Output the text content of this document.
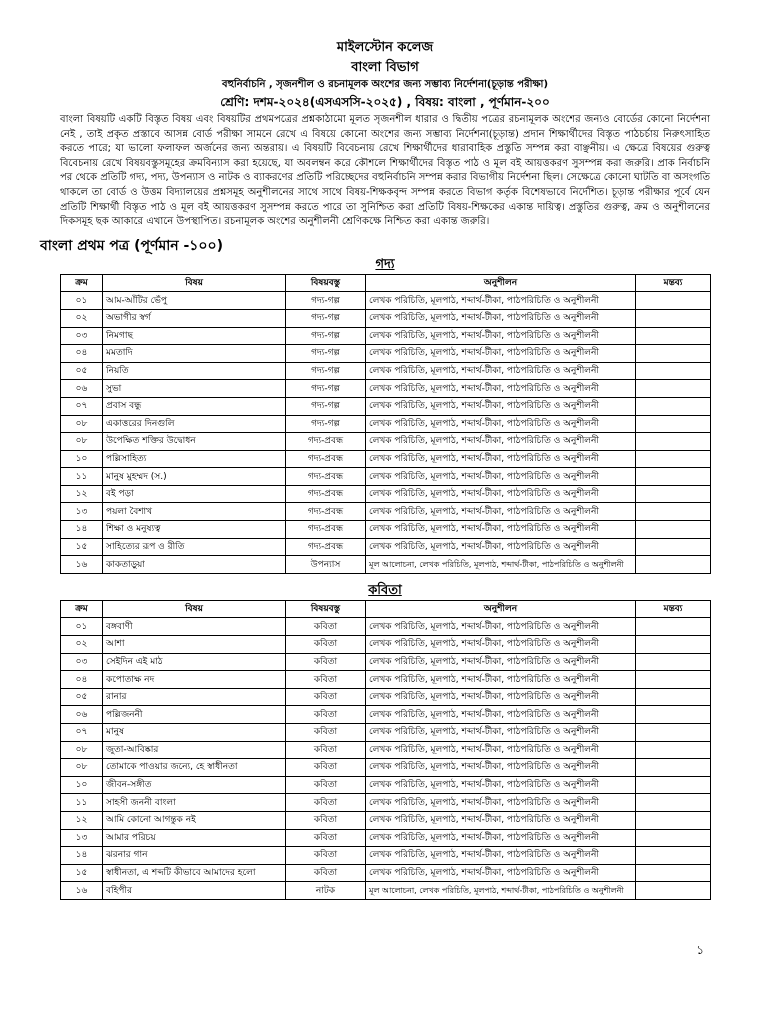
মাইলস্টোন কলেজ
বাংলা বিভাগ
বহুনির্বাচনি , সৃজনশীল ও রচনামূলক অংশের জন্য সম্ভাব্য নির্দেশনা(চূড়ান্ত পরীক্ষা)
শ্রেণি: দশম-২০২৪(এসএসসি-২০২৫) , বিষয়: বাংলা , পূর্ণমান-২০০
বাংলা বিষয়টি একটি বিস্তৃত বিষয় এবং বিষয়টির প্রথমপত্রের প্রশ্নকাঠামো মূলত সৃজনশীল ধারার ও দ্বিতীয় পত্রের রচনামূলক অংশের জন্যও বোর্ডের কোনো নির্দেশনা নেই , তাই প্রকৃত প্রস্তাবে আসন্ন বোর্ড পরীক্ষা সামনে রেখে এ বিষয়ে কোনো অংশের জন্য সম্ভাব্য নির্দেশনা(চূড়ান্ত) প্রদান শিক্ষার্থীদের বিস্তৃত পাঠচর্চায় নিরুৎসাহিত করতে পারে; যা ভালো ফলাফল অর্জনের জন্য অন্তরায়। এ বিষয়টি বিবেচনায় রেখে শিক্ষার্থীদের ধারাবাহিক প্রস্তুতি সম্পন্ন করা বাঞ্ছনীয়। এ ক্ষেত্রে বিষয়ের গুরুত্ব বিবেচনায় রেখে বিষয়বস্তুসমূহের ক্রমবিন্যাস করা হয়েছে, যা অবলম্বন করে কৌশলে শিক্ষার্থীদের বিস্তৃত পাঠ ও মূল বই আয়ত্তকরণ সুসম্পন্ন করা জরুরি। প্রাক নির্বাচনি পর থেকে প্রতিটি গদ্য, পদ্য, উপন্যাস ও নাটক ও ব্যাকরণের প্রতিটি পরিচ্ছেদের বহুনির্বাচনি সম্পন্ন করার বিভাগীয় নির্দেশনা ছিল। সেক্ষেত্রে কোনো ঘাটতি বা অসংগতি থাকলে তা বোর্ড ও উত্তম বিদ্যালয়ের প্রশ্নসমূহ অনুশীলনের সাথে সাথে বিষয়-শিক্ষকবৃন্দ সম্পন্ন করতে বিভাগ কর্তৃক বিশেষভাবে নির্দেশিত। চূড়ান্ত পরীক্ষার পূর্বে যেন প্রতিটি শিক্ষার্থী বিস্তৃত পাঠ ও মূল বই আয়ত্তকরণ সুসম্পন্ন করতে পারে তা সুনিশ্চিত করা প্রতিটি বিষয়-শিক্ষকের একান্ত দায়িত্ব। প্রস্তুতির গুরুত্ব, ক্রম ও অনুশীলনের দিকসমূহ ছক আকারে এখানে উপস্থাপিত। রচনামূলক অংশের অনুশীলনী শ্রেণিকক্ষে নিশ্চিত করা একান্ত জরুরি।
বাংলা প্রথম পত্র (পূর্ণমান -১০০)
গদ্য
ক্রম	বিষয়	বিষয়বস্তু	অনুশীলন	মন্তব্য
০১	আম-আঁটির ভেঁপু	গদ্য-গল্প	লেখক পরিচিতি, মূলপাঠ, শব্দার্থ-টীকা, পাঠপরিচিতি ও অনুশীলনী	
০২	অভাগীর স্বর্গ	গদ্য-গল্প	লেখক পরিচিতি, মূলপাঠ, শব্দার্থ-টীকা, পাঠপরিচিতি ও অনুশীলনী	
০৩	নিমগাছ	গদ্য-গল্প	লেখক পরিচিতি, মূলপাঠ, শব্দার্থ-টীকা, পাঠপরিচিতি ও অনুশীলনী	
০৪	মমতাদি	গদ্য-গল্প	লেখক পরিচিতি, মূলপাঠ, শব্দার্থ-টীকা, পাঠপরিচিতি ও অনুশীলনী	
০৫	নিয়তি	গদ্য-গল্প	লেখক পরিচিতি, মূলপাঠ, শব্দার্থ-টীকা, পাঠপরিচিতি ও অনুশীলনী	
০৬	সুভা	গদ্য-গল্প	লেখক পরিচিতি, মূলপাঠ, শব্দার্থ-টীকা, পাঠপরিচিতি ও অনুশীলনী	
০৭	প্রবাস বন্ধু	গদ্য-গল্প	লেখক পরিচিতি, মূলপাঠ, শব্দার্থ-টীকা, পাঠপরিচিতি ও অনুশীলনী	
০৮	একাত্তরের দিনগুলি	গদ্য-গল্প	লেখক পরিচিতি, মূলপাঠ, শব্দার্থ-টীকা, পাঠপরিচিতি ও অনুশীলনী	
০৮	উপেক্ষিত শক্তির উদ্বোধন	গদ্য-প্রবন্ধ	লেখক পরিচিতি, মূলপাঠ, শব্দার্থ-টীকা, পাঠপরিচিতি ও অনুশীলনী	
১০	পল্লিসাহিত্য	গদ্য-প্রবন্ধ	লেখক পরিচিতি, মূলপাঠ, শব্দার্থ-টীকা, পাঠপরিচিতি ও অনুশীলনী	
১১	মানুষ মুহম্মদ (স.)	গদ্য-প্রবন্ধ	লেখক পরিচিতি, মূলপাঠ, শব্দার্থ-টীকা, পাঠপরিচিতি ও অনুশীলনী	
১২	বই পড়া	গদ্য-প্রবন্ধ	লেখক পরিচিতি, মূলপাঠ, শব্দার্থ-টীকা, পাঠপরিচিতি ও অনুশীলনী	
১৩	পয়লা বৈশাখ	গদ্য-প্রবন্ধ	লেখক পরিচিতি, মূলপাঠ, শব্দার্থ-টীকা, পাঠপরিচিতি ও অনুশীলনী	
১৪	শিক্ষা ও মনুষ্যত্ব	গদ্য-প্রবন্ধ	লেখক পরিচিতি, মূলপাঠ, শব্দার্থ-টীকা, পাঠপরিচিতি ও অনুশীলনী	
১৫	সাহিত্যের রূপ ও রীতি	গদ্য-প্রবন্ধ	লেখক পরিচিতি, মূলপাঠ, শব্দার্থ-টীকা, পাঠপরিচিতি ও অনুশীলনী	
১৬	কাকতাড়ুয়া	উপন্যাস	মূল আলোচনা, লেখক পরিচিতি, মূলপাঠ, শব্দার্থ-টীকা, পাঠপরিচিতি ও অনুশীলনী	
কবিতা
ক্রম	বিষয়	বিষয়বস্তু	অনুশীলন	মন্তব্য
০১	বঙ্গবাণী	কবিতা	লেখক পরিচিতি, মূলপাঠ, শব্দার্থ-টীকা, পাঠপরিচিতি ও অনুশীলনী	
০২	আশা	কবিতা	লেখক পরিচিতি, মূলপাঠ, শব্দার্থ-টীকা, পাঠপরিচিতি ও অনুশীলনী	
০৩	সেইদিন এই মাঠ	কবিতা	লেখক পরিচিতি, মূলপাঠ, শব্দার্থ-টীকা, পাঠপরিচিতি ও অনুশীলনী	
০৪	কপোতাক্ষ নদ	কবিতা	লেখক পরিচিতি, মূলপাঠ, শব্দার্থ-টীকা, পাঠপরিচিতি ও অনুশীলনী	
০৫	রানার	কবিতা	লেখক পরিচিতি, মূলপাঠ, শব্দার্থ-টীকা, পাঠপরিচিতি ও অনুশীলনী	
০৬	পল্লিজননী	কবিতা	লেখক পরিচিতি, মূলপাঠ, শব্দার্থ-টীকা, পাঠপরিচিতি ও অনুশীলনী	
০৭	মানুষ	কবিতা	লেখক পরিচিতি, মূলপাঠ, শব্দার্থ-টীকা, পাঠপরিচিতি ও অনুশীলনী	
০৮	জুতা-আবিষ্কার	কবিতা	লেখক পরিচিতি, মূলপাঠ, শব্দার্থ-টীকা, পাঠপরিচিতি ও অনুশীলনী	
০৮	তোমাকে পাওয়ার জন্যে, হে স্বাধীনতা	কবিতা	লেখক পরিচিতি, মূলপাঠ, শব্দার্থ-টীকা, পাঠপরিচিতি ও অনুশীলনী	
১০	জীবন-সঙ্গীত	কবিতা	লেখক পরিচিতি, মূলপাঠ, শব্দার্থ-টীকা, পাঠপরিচিতি ও অনুশীলনী	
১১	সাহসী জননী বাংলা	কবিতা	লেখক পরিচিতি, মূলপাঠ, শব্দার্থ-টীকা, পাঠপরিচিতি ও অনুশীলনী	
১২	আমি কোনো আগন্তুক নই	কবিতা	লেখক পরিচিতি, মূলপাঠ, শব্দার্থ-টীকা, পাঠপরিচিতি ও অনুশীলনী	
১৩	আমার পরিচয়	কবিতা	লেখক পরিচিতি, মূলপাঠ, শব্দার্থ-টীকা, পাঠপরিচিতি ও অনুশীলনী	
১৪	ঝরনার গান	কবিতা	লেখক পরিচিতি, মূলপাঠ, শব্দার্থ-টীকা, পাঠপরিচিতি ও অনুশীলনী	
১৫	স্বাধীনতা, এ শব্দটি কীভাবে আমাদের হলো	কবিতা	লেখক পরিচিতি, মূলপাঠ, শব্দার্থ-টীকা, পাঠপরিচিতি ও অনুশীলনী	
১৬	বহিপীর	নাটক	মূল আলোচনা, লেখক পরিচিতি, মূলপাঠ, শব্দার্থ-টীকা, পাঠপরিচিতি ও অনুশীলনী	
১
